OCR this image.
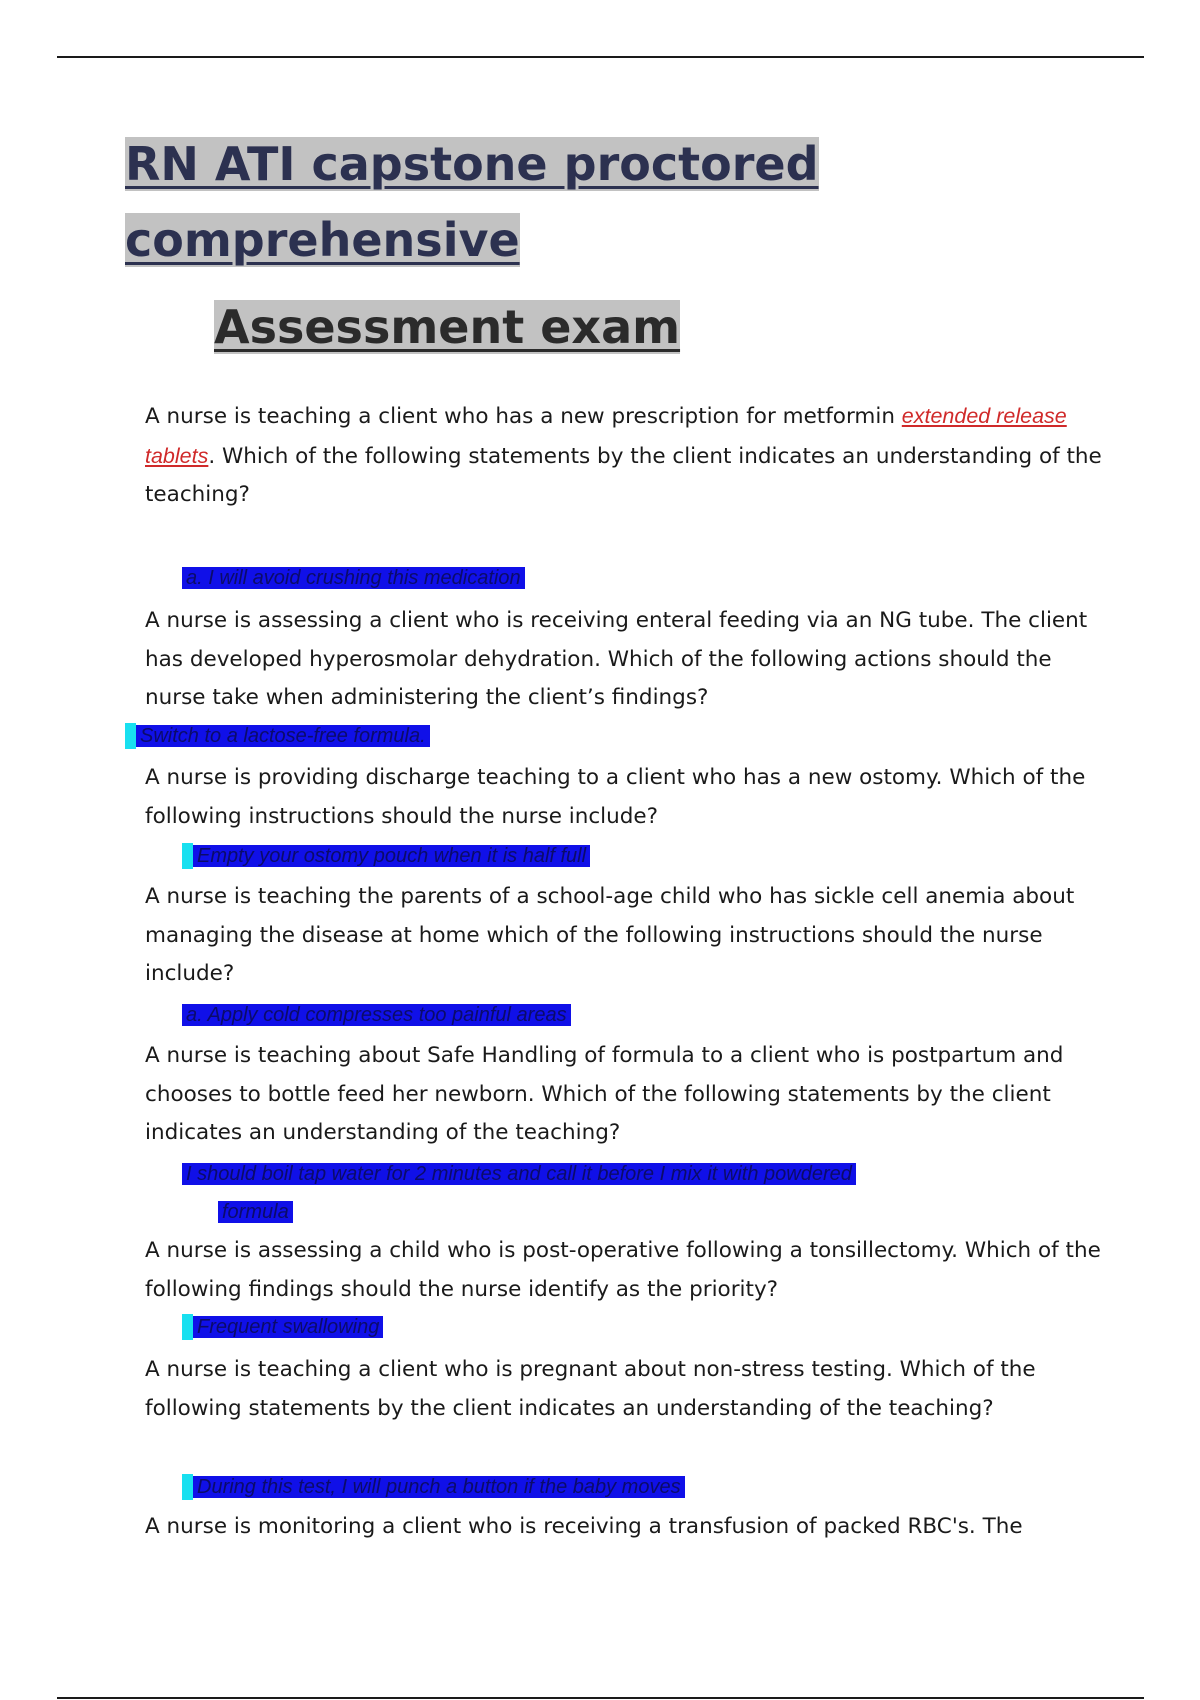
RN ATI capstone proctored
comprehensive
Assessment exam
A nurse is teaching a client who has a new prescription for metformin extended release tablets. Which of the following statements by the client indicates an understanding of the teaching?
a. I will avoid crushing this medication
A nurse is assessing a client who is receiving enteral feeding via an NG tube. The client has developed hyperosmolar dehydration. Which of the following actions should the nurse take when administering the client’s findings?
Switch to a lactose-free formula.
A nurse is providing discharge teaching to a client who has a new ostomy. Which of the following instructions should the nurse include?
Empty your ostomy pouch when it is half full
A nurse is teaching the parents of a school-age child who has sickle cell anemia about managing the disease at home which of the following instructions should the nurse include?
a. Apply cold compresses too painful areas
A nurse is teaching about Safe Handling of formula to a client who is postpartum and chooses to bottle feed her newborn. Which of the following statements by the client indicates an understanding of the teaching?
I should boil tap water for 2 minutes and call it before I mix it with powdered
formula
A nurse is assessing a child who is post-operative following a tonsillectomy. Which of the following findings should the nurse identify as the priority?
Frequent swallowing
A nurse is teaching a client who is pregnant about non-stress testing. Which of the following statements by the client indicates an understanding of the teaching?
During this test, I will punch a button if the baby moves
A nurse is monitoring a client who is receiving a transfusion of packed RBC's. The
